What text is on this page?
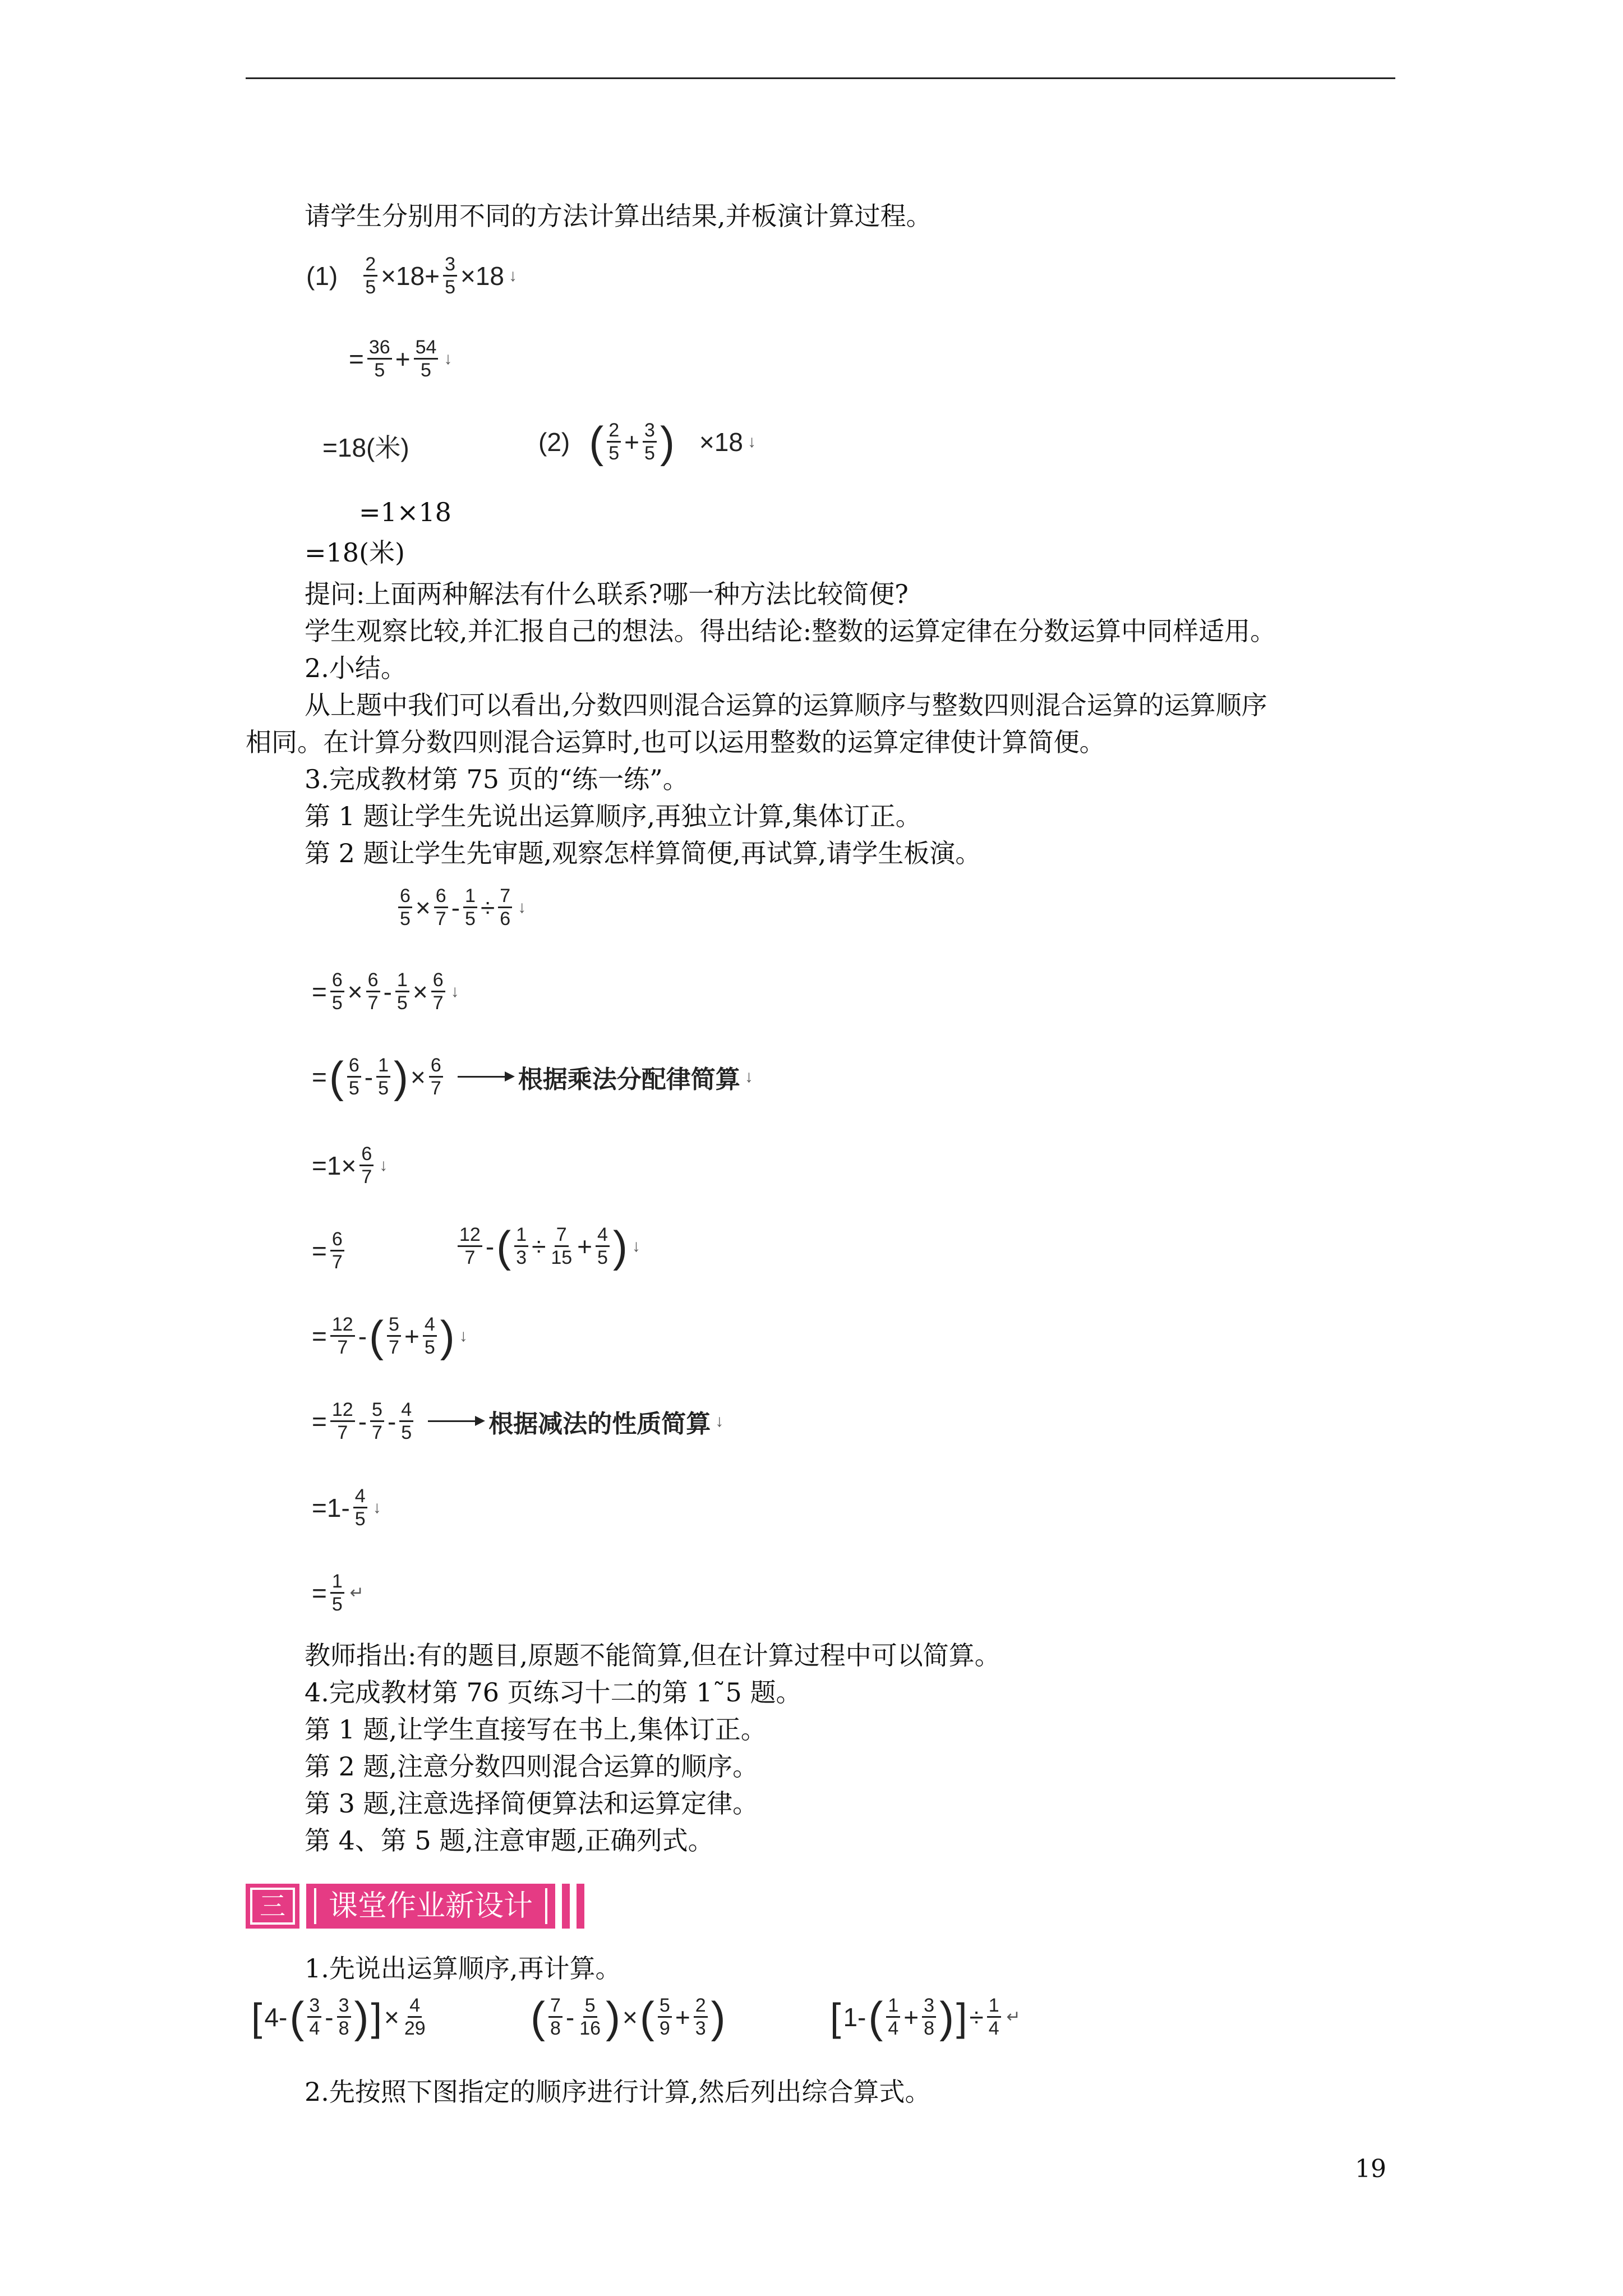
请学生分别用不同的方法计算出结果,并板演计算过程。
$(1) \frac{2}{5} \times 18+ \frac{3}{5} \times 18$ ↓
= $\frac{36}{5} + \frac{54}{5}$ ↓
=18(米)	(2) ( 2
$5 + \frac{3}{5}$ ) ×18 ↓
=1×18
=18(米)
提问:上面两种解法有什么联系?哪一种方法比较简便?
学生观察比较,并汇报自己的想法。得出结论:整数的运算定律在分数运算中同样适用。
2.小结。
从上题中我们可以看出,分数四则混合运算的运算顺序与整数四则混合运算的运算顺序
相同。在计算分数四则混合运算时,也可以运用整数的运算定律使计算简便。
3.完成教材第 75 页的“练一练”。
第 1 题让学生先说出运算顺序,再独立计算,集体订正。
第 2 题让学生先审题,观察怎样算简便,再试算,请学生板演。
$\frac{6}{5} \times \frac{6}{7} - \frac{1}{5} \div \frac{7}{6}$ ↓
= $\frac{6}{5} \times \frac{6}{7} - \frac{1}{5} \times \frac{6}{7}$ ↓
= ( 6
5 - 1
5 ) × $\frac{6}{7}$	根据乘法分配律简算 ↓
$=1\times \frac{6}{7}$ ↓
= $\frac{6}{7}$	12
7 - ( $\frac{1}{3} \div \frac{7}{15} + \frac{4}{5}$ ) ↓
= $\frac{12}{7}$ - ( 5
$7 + \frac{4}{5}$ ) ↓
= $\frac{12}{7} - 5$
7 - 4
5	根据减法的性质简算 ↓
=1- 4
5
↓
= $\frac{1}{5}$ ↵
教师指出:有的题目,原题不能简算,但在计算过程中可以简算。
4.完成教材第 76 页练习十二的第 1˜5 题。
第 1 题,让学生直接写在书上,集体订正。
第 2 题,注意分数四则混合运算的顺序。
第 3 题,注意选择简便算法和运算定律。
第 4、第 5 题,注意审题,正确列式。
三	课堂作业新设计
1.先说出运算顺序,再计算。
[ 4- ( 3
4 - 3
8 ) ] × $\frac{4}{29}$ ( 7
8 - 5
16 ) × ( 5
$9 + \frac{2}{3}$ )	[ 1- ( 1
$4 + \frac{3}{8}$ ) ] ÷ $\frac{1}{4}$ ↵
2.先按照下图指定的顺序进行计算,然后列出综合算式。
19
